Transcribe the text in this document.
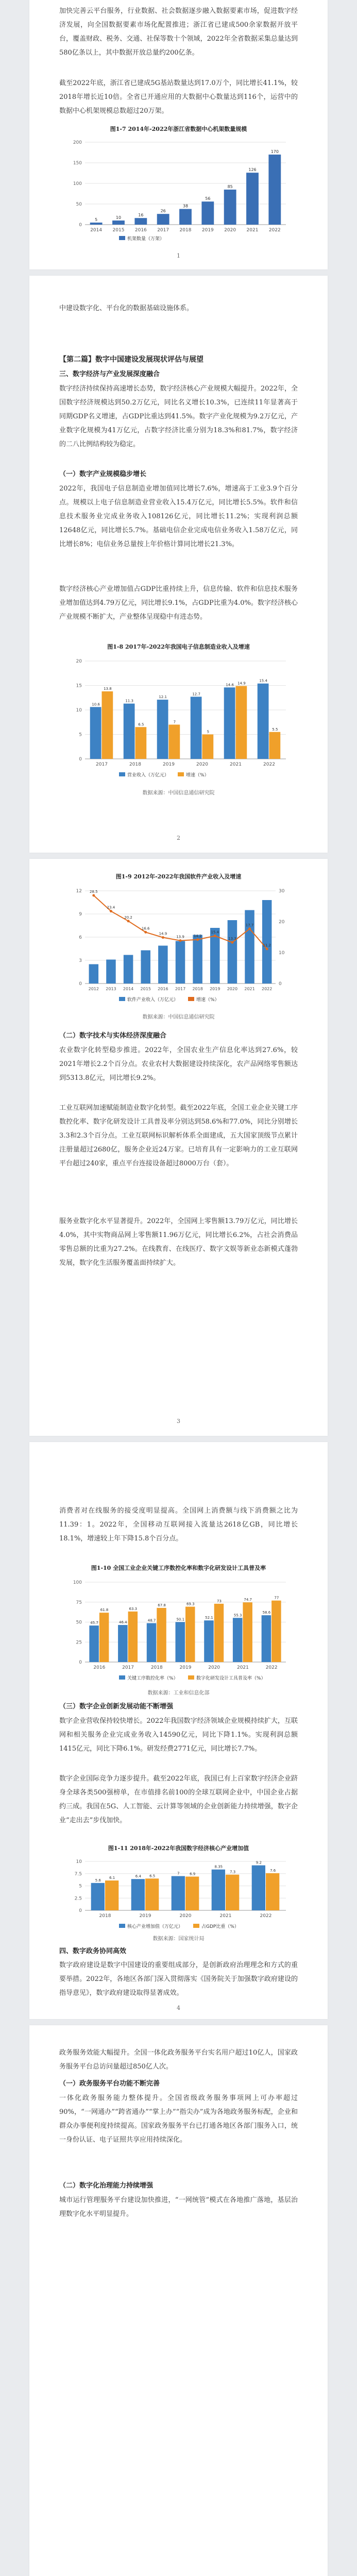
加快完善云平台服务，行业数据、社会数据逐步融入数据要素市场，促进数字经济发展，向全国数据要素市场化配置推进；浙江省已建成500余家数据开放平台，覆盖财政、税务、交通、社保等数十个领域，2022年全省数据采集总量达到580亿条以上，其中数据开放总量约200亿条。
截至2022年底，浙江省已建成5G基站数量达到17.0万个，同比增长41.1%，较2018年增长近10倍。全省已开通应用的大数据中心数量达到116个，运营中的数据中心机架规模总数超过20万架。
图1-7 2014年-2022年浙江省数据中心机架数量规模
0
50
100
150
200
5
2014
10
2015
16
2016
26
2017
38
2018
56
2019
85
2020
126
2021
170
2022
机架数量（万架）
1
中建设数字化、平台化的数据基础设施体系。
【第二篇】数字中国建设发展现状评估与展望
三、数字经济与产业发展深度融合
数字经济持续保持高速增长态势，数字经济核心产业规模大幅提升。2022年，全国数字经济规模达到50.2万亿元，同比名义增长10.3%，已连续11年显著高于同期GDP名义增速，占GDP比重达到41.5%。数字产业化规模为9.2万亿元，产业数字化规模为41万亿元，占数字经济比重分别为18.3%和81.7%，数字经济的二八比例结构较为稳定。
（一）数字产业规模稳步增长
2022年，我国电子信息制造业增加值同比增长7.6%，增速高于工业3.9个百分点。规模以上电子信息制造业营业收入15.4万亿元，同比增长5.5%。软件和信息技术服务业完成业务收入108126亿元，同比增长11.2%；实现利润总额12648亿元，同比增长5.7%。基础电信企业完成电信业务收入1.58万亿元，同比增长8%；电信业务总量按上年价格计算同比增长21.3%。
数字经济核心产业增加值占GDP比重持续上升，信息传输、软件和信息技术服务业增加值达到4.79万亿元，同比增长9.1%，占GDP比重为4.0%。数字经济核心产业规模不断扩大，产业整体呈现稳中有进态势。
图1-8 2017年-2022年我国电子信息制造业收入及增速
0
5
10
15
20
10.6
11.3
12.1
12.7
14.6
15.4
13.8
6.5
7
5
14.9
5.5
2017	2018	2019	2020	2021	2022
营业收入（万亿元）	增速（%）
数据来源：中国信息通信研究院
2
图1-9 2012年-2022年我国软件产业收入及增速
0
3
6
9
12
2012 2013 2014 2015 2016 2017 2018 2019 2020 2021 2022
28.5
23.4
20.2
16.6
14.9
13.9	14.2
15.4
13.3
17.7
11.2
0
10
20
30
软件产业收入（万亿元）	增速（%）
数据来源：中国信息通信研究院
（二）数字技术与实体经济深度融合
农业数字化转型稳步推进。2022年，全国农业生产信息化率达到27.6%，较2021年增长2.2个百分点。农业农村大数据建设持续深化，农产品网络零售额达到5313.8亿元，同比增长9.2%。
工业互联网加速赋能制造业数字化转型。截至2022年底，全国工业企业关键工序数控化率、数字化研发设计工具普及率分别达到58.6%和77.0%，同比分别增长3.3和2.3个百分点。工业互联网标识解析体系全面建成，五大国家顶级节点累计注册量超过2680亿，服务企业近24万家。已培育具有一定影响力的工业互联网平台超过240家，重点平台连接设备超过8000万台（套）。
服务业数字化水平显著提升。2022年，全国网上零售额13.79万亿元，同比增长4.0%，其中实物商品网上零售额11.96万亿元，同比增长6.2%，占社会消费品零售总额的比重为27.2%。在线教育、在线医疗、数字文娱等新业态新模式蓬勃发展，数字化生活服务覆盖面持续扩大。
3
消费者对在线服务的接受度明显提高。全国网上消费额与线下消费额之比为11.39：1。2022年，全国移动互联网接入流量达2618亿GB，同比增长18.1%，增速较上年下降15.8个百分点。
图1-10 全国工业企业关键工序数控化率和数字化研发设计工具普及率
0
25
50
75
100
45.7	46.4	48.7	50.1	52.1
55.3
58.6
61.8	63.3
67.8	69.3
73	74.7	77
2016	2017	2018	2019	2020	2021	2022
关键工序数控化率（%）	数字化研发设计工具普及率（%）
数据来源：工业和信息化部
（三）数字企业创新发展动能不断增强
数字企业营收保持较快增长。2022年我国数字经济领域企业规模持续扩大，互联网和相关服务企业完成业务收入14590亿元，同比下降1.1%。实现利润总额1415亿元，同比下降6.1%。研发经费2771亿元，同比增长7.7%。
数字企业国际竞争力逐步提升。截至2022年底，我国已有上百家数字经济企业跻身全球各类500强榜单，在市值排名前100的全球互联网企业中，中国企业占据约三成。我国在5G、人工智能、云计算等领域的企业创新能力持续增强，数字企业“走出去”步伐加快。
图1-11 2018年-2022年我国数字经济核心产业增加值
0
2.5
5
7.5
10
5.6
6.4
7
8.35
9.2
6.1	6.5	6.9	7.3	7.6
2018	2019	2020	2021	2022
核心产业增加值（万亿元）	占GDP比重（%）
数据来源：国家统计局
四、数字政务协同高效
数字政府建设是数字中国建设的重要组成部分，是创新政府治理理念和方式的重要举措。2022年，各地区各部门深入贯彻落实《国务院关于加强数字政府建设的指导意见》，数字政府建设取得显著成效。
4
政务服务效能大幅提升。全国一体化政务服务平台实名用户超过10亿人，国家政务服务平台总访问量超过850亿人次。
（一）政务服务平台功能不断完善
一体化政务服务能力整体提升。全国省级政务服务事项网上可办率超过90%，“一网通办”“跨省通办”“掌上办”“指尖办”成为各地政务服务标配，企业和群众办事便利度持续提高。国家政务服务平台已打通各地区各部门服务入口，统一身份认证、电子证照共享应用持续深化。
（二）数字化治理能力持续增强
城市运行管理服务平台建设加快推进，“一网统管”模式在各地推广落地，基层治理数字化水平明显提升。
